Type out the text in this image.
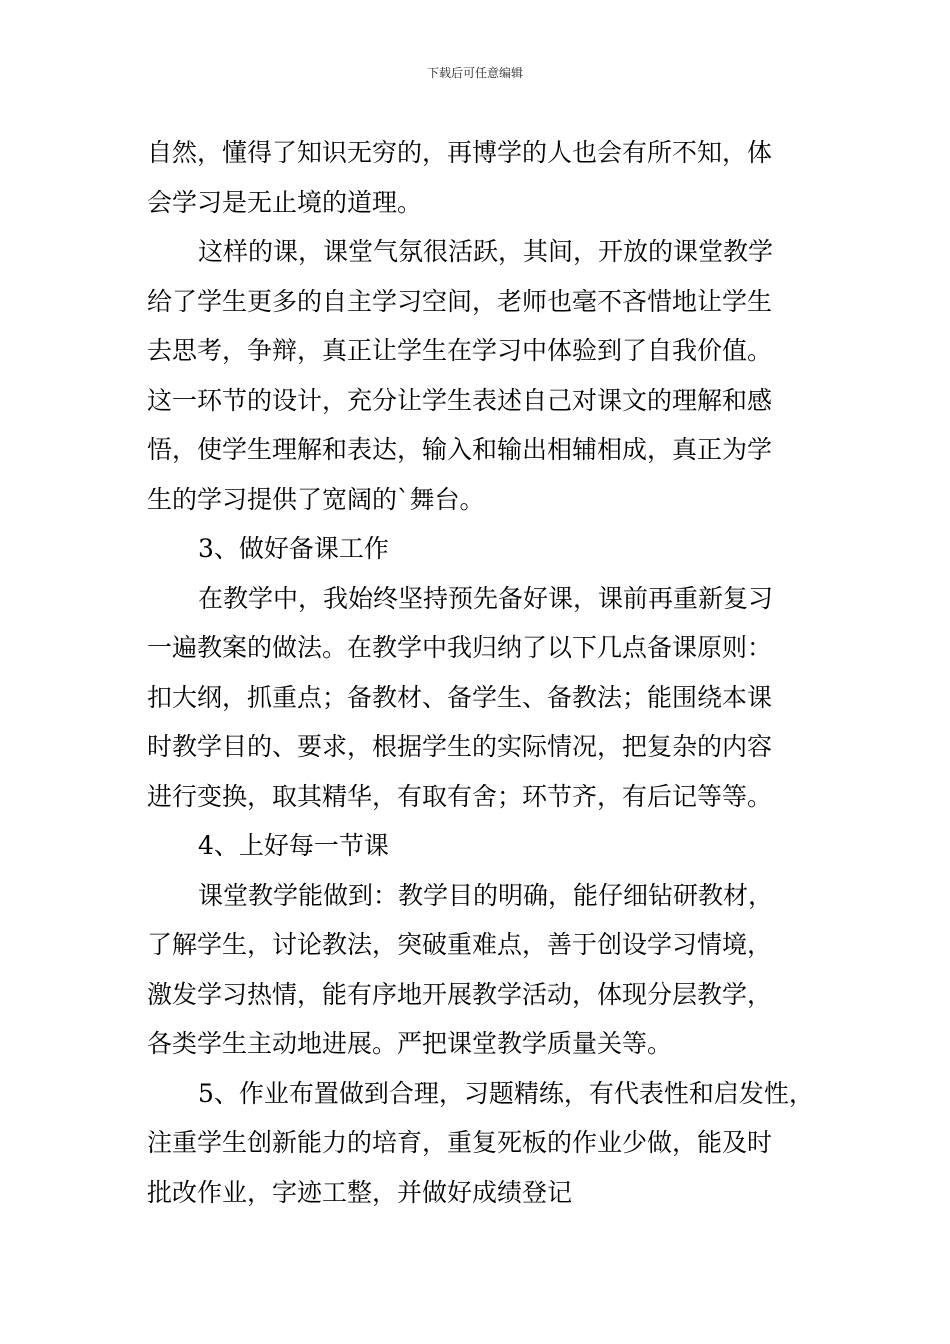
下载后可任意编辑
自然，懂得了知识无穷的，再博学的人也会有所不知，体
会学习是无止境的道理。
这样的课，课堂气氛很活跃，其间，开放的课堂教学
给了学生更多的自主学习空间，老师也毫不吝惜地让学生
去思考，争辩，真正让学生在学习中体验到了自我价值。
这一环节的设计，充分让学生表述自己对课文的理解和感
悟，使学生理解和表达，输入和输出相辅相成，真正为学
生的学习提供了宽阔的`舞台。
3、做好备课工作
在教学中，我始终坚持预先备好课，课前再重新复习
一遍教案的做法。在教学中我归纳了以下几点备课原则：
扣大纲，抓重点；备教材、备学生、备教法；能围绕本课
时教学目的、要求，根据学生的实际情况，把复杂的内容
进行变换，取其精华，有取有舍；环节齐，有后记等等。
4、上好每一节课
课堂教学能做到：教学目的明确，能仔细钻研教材，
了解学生，讨论教法，突破重难点，善于创设学习情境，
激发学习热情，能有序地开展教学活动，体现分层教学，
各类学生主动地进展。严把课堂教学质量关等。
5、作业布置做到合理，习题精练，有代表性和启发性，
注重学生创新能力的培育，重复死板的作业少做，能及时
批改作业，字迹工整，并做好成绩登记
